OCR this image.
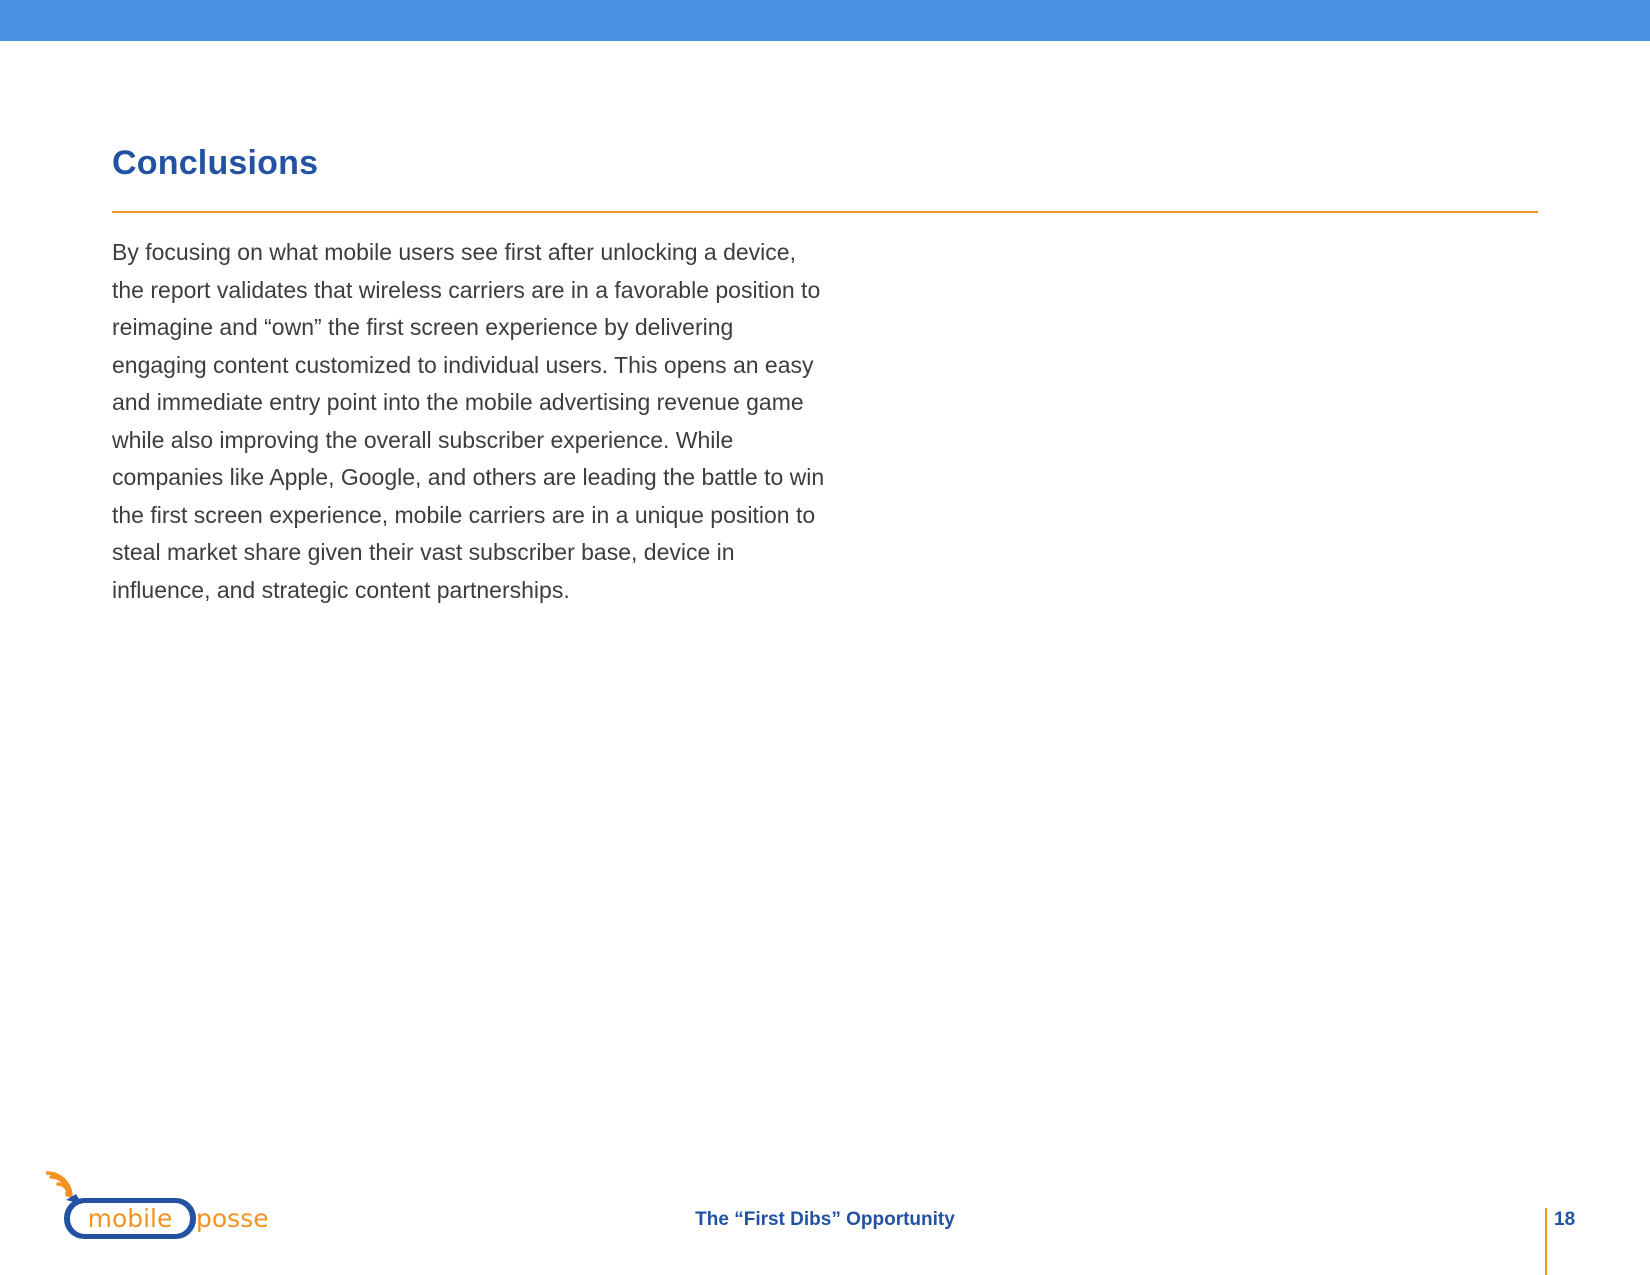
Conclusions

By focusing on what mobile users see first after unlocking a device, the report validates that wireless carriers are in a favorable position to reimagine and “own” the first screen experience by delivering engaging content customized to individual users. This opens an easy and immediate entry point into the mobile advertising revenue game while also improving the overall subscriber experience. While companies like Apple, Google, and others are leading the battle to win the first screen experience, mobile carriers are in a unique position to steal market share given their vast subscriber base, device in influence, and strategic content partnerships.

mobile posse	The “First Dibs” Opportunity	18
